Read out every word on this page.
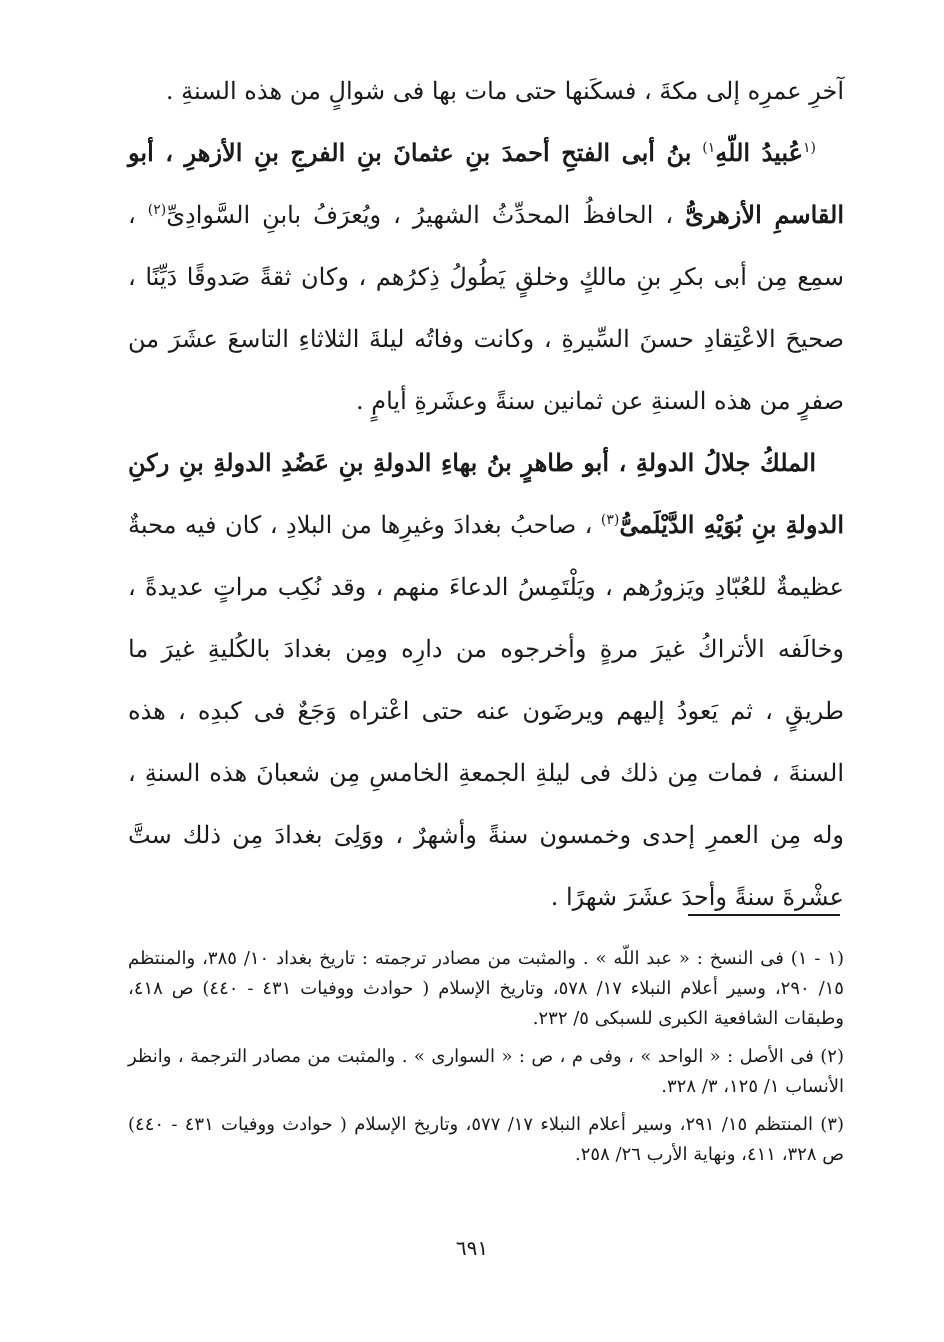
آخرِ عمرِه إلى مكةَ ، فسكَنها حتى مات بها فى شوالٍ من هذه السنةِ .

$^{(١}$عُبيدُ اللّهِ$^{١)}$ بنُ أبى الفتحِ أحمدَ بنِ عثمانَ بنِ الفرجِ بنِ الأزهرِ ، أبو القاسمِ الأزهرىُّ ، الحافظُ المحدِّثُ الشهيرُ ، ويُعرَفُ بابنِ السَّوادِىِّ$^{(٢)}$ ، سمِع مِن أبى بكرِ بنِ مالكٍ وخلقٍ يَطُولُ ذِكرُهم ، وكان ثقةً صَدوقًا دَيِّنًا ، صحيحَ الاعْتِقادِ حسنَ السِّيرةِ ، وكانت وفاتُه ليلةَ الثلاثاءِ التاسعَ عشَرَ من صفرٍ من هذه السنةِ عن ثمانين سنةً وعشَرةِ أيامٍ .

الملكُ جلالُ الدولةِ ، أبو طاهرٍ بنُ بهاءِ الدولةِ بنِ عَضُدِ الدولةِ بنِ ركنِ الدولةِ بنِ بُوَيْهِ الدَّيْلَمىُّ$^{(٣)}$ ، صاحبُ بغدادَ وغيرِها من البلادِ ، كان فيه محبةٌ عظيمةٌ للعُبّادِ ويَزورُهم ، ويَلْتَمِسُ الدعاءَ منهم ، وقد نُكِب مراتٍ عديدةً ، وخالَفه الأتراكُ غيرَ مرةٍ وأخرجوه من دارِه ومِن بغدادَ بالكُليةِ غيرَ ما طريقٍ ، ثم يَعودُ إليهم ويرضَون عنه حتى اعْتراه وَجَعٌ فى كبدِه ، هذه السنةَ ، فمات مِن ذلك فى ليلةِ الجمعةِ الخامسِ مِن شعبانَ هذه السنةِ ، وله مِن العمرِ إحدى وخمسون سنةً وأشهرٌ ، ووَلِىَ بغدادَ مِن ذلك ستَّ عشْرةَ سنةً وأحدَ عشَرَ شهرًا .

(١ - ١) فى النسخ : « عبد اللّه » . والمثبت من مصادر ترجمته : تاريخ بغداد ١٠/ ٣٨٥، والمنتظم ١٥/ ٢٩٠، وسير أعلام النبلاء ١٧/ ٥٧٨، وتاريخ الإسلام ( حوادث ووفيات ٤٣١ - ٤٤٠) ص ٤١٨، وطبقات الشافعية الكبرى للسبكى ٥/ ٢٣٢.

(٢) فى الأصل : « الواحد » ، وفى م ، ص : « السوارى » . والمثبت من مصادر الترجمة ، وانظر الأنساب ١/ ١٢٥، ٣/ ٣٢٨.

(٣) المنتظم ١٥/ ٢٩١، وسير أعلام النبلاء ١٧/ ٥٧٧، وتاريخ الإسلام ( حوادث ووفيات ٤٣١ - ٤٤٠) ص ٣٢٨، ٤١١، ونهاية الأرب ٢٦/ ٢٥٨.

٦٩١
